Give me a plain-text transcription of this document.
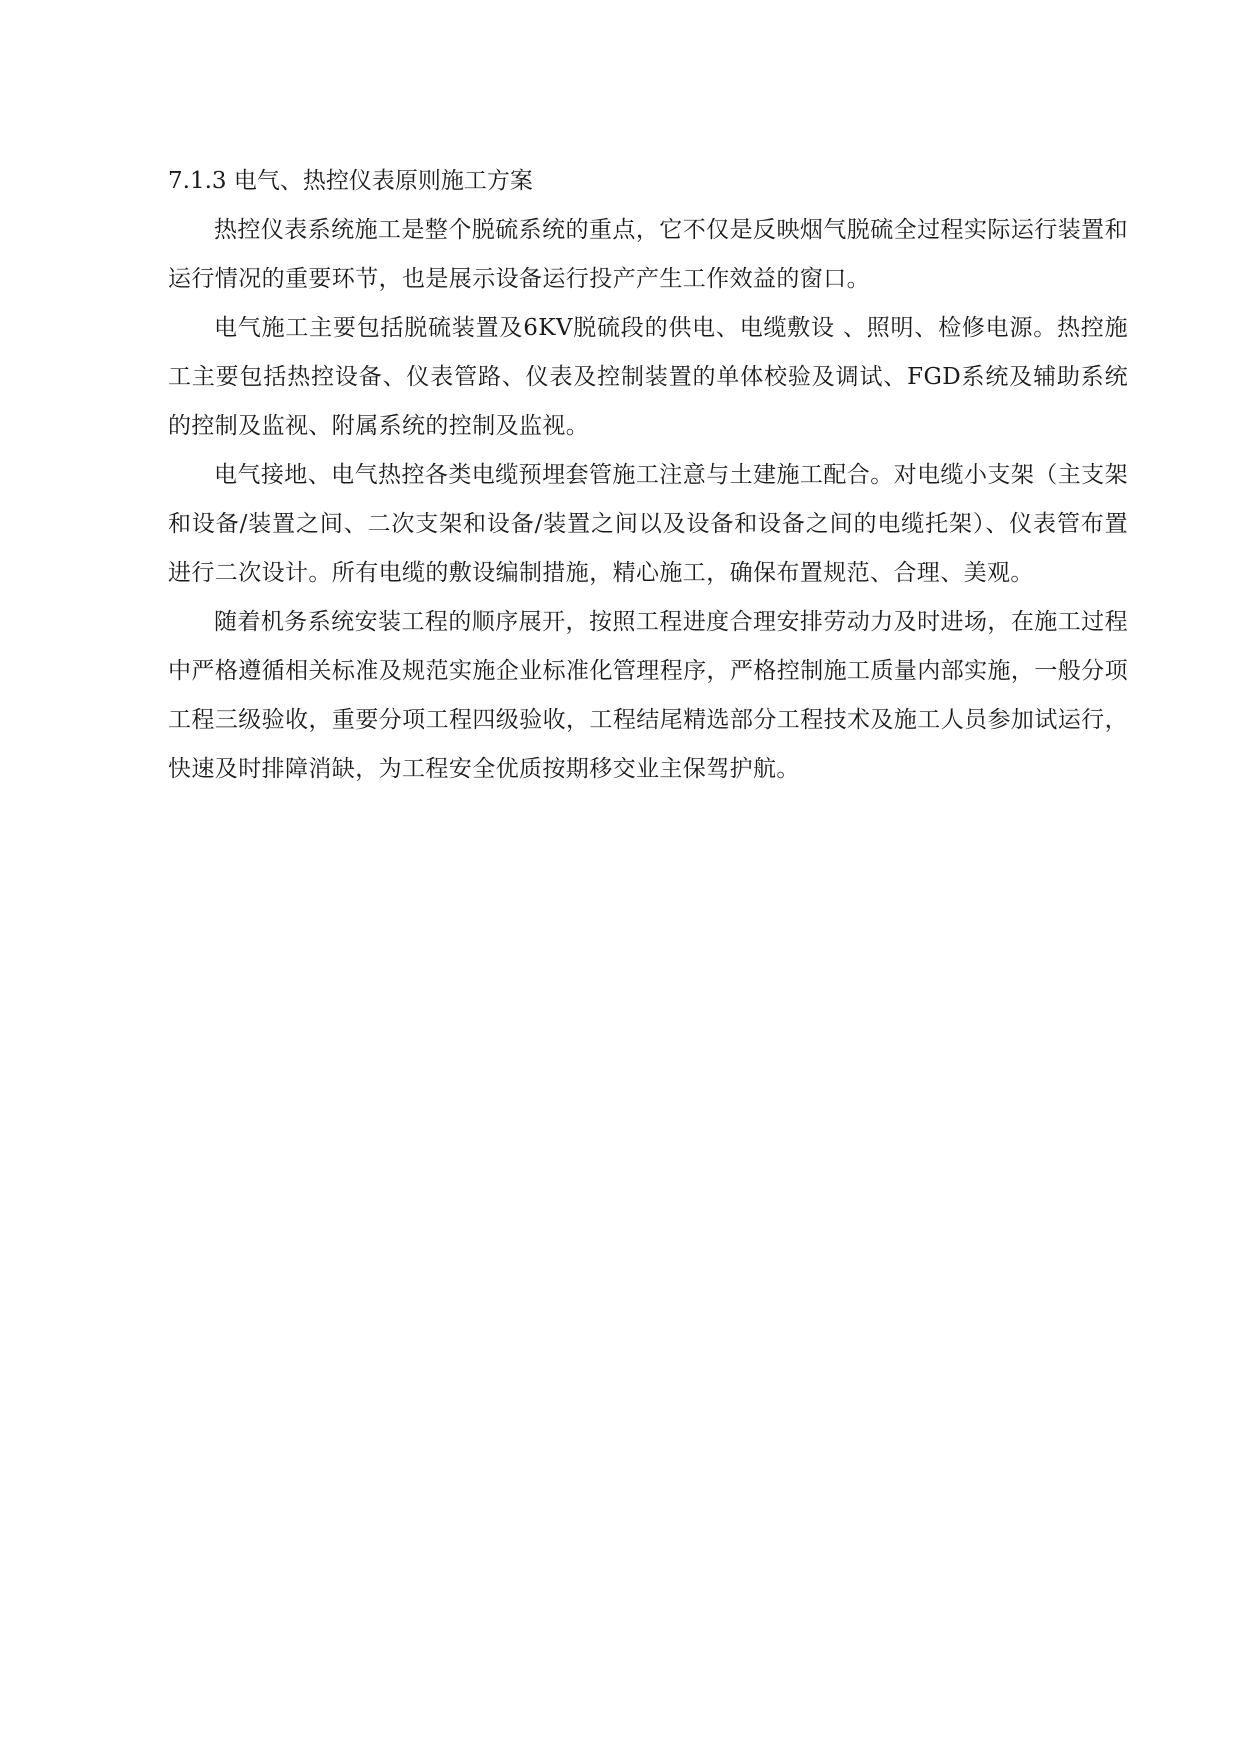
7.1.3 电气、热控仪表原则施工方案

热控仪表系统施工是整个脱硫系统的重点，它不仅是反映烟气脱硫全过程实际运行装置和运行情况的重要环节，也是展示设备运行投产产生工作效益的窗口。

电气施工主要包括脱硫装置及6KV脱硫段的供电、电缆敷设 、照明、检修电源。热控施工主要包括热控设备、仪表管路、仪表及控制装置的单体校验及调试、FGD系统及辅助系统的控制及监视、附属系统的控制及监视。

电气接地、电气热控各类电缆预埋套管施工注意与土建施工配合。对电缆小支架（主支架和设备/装置之间、二次支架和设备/装置之间以及设备和设备之间的电缆托架）、仪表管布置进行二次设计。所有电缆的敷设编制措施，精心施工，确保布置规范、合理、美观。

随着机务系统安装工程的顺序展开，按照工程进度合理安排劳动力及时进场，在施工过程中严格遵循相关标准及规范实施企业标准化管理程序，严格控制施工质量内部实施，一般分项工程三级验收，重要分项工程四级验收，工程结尾精选部分工程技术及施工人员参加试运行，快速及时排障消缺，为工程安全优质按期移交业主保驾护航。
